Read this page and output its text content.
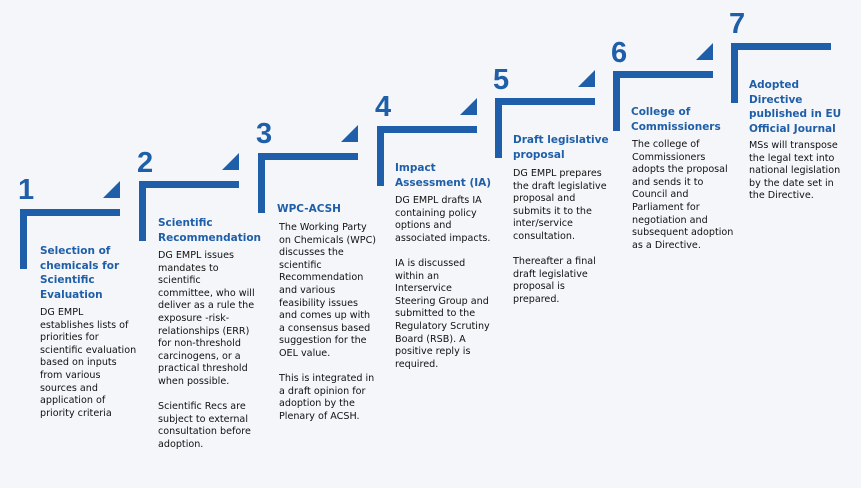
1
Selection of chemicals for Scientific Evaluation
DG EMPL establishes lists of priorities for scientific evaluation based on inputs from various sources and application of priority criteria
2
Scientific Recommendation
DG EMPL issues mandates to scientific committee, who will deliver as a rule the exposure -risk- relationships (ERR) for non-threshold carcinogens, or a practical threshold when possible.

Scientific Recs are subject to external consultation before adoption.
3
WPC-ACSH
The Working Party on Chemicals (WPC) discusses the scientific Recommendation and various feasibility issues and comes up with a consensus based suggestion for the OEL value.

This is integrated in a draft opinion for adoption by the Plenary of ACSH.
4
Impact Assessment (IA)
DG EMPL drafts IA containing policy options and associated impacts.

IA is discussed within an Interservice Steering Group and submitted to the Regulatory Scrutiny Board (RSB). A positive reply is required.
5
Draft legislative proposal
DG EMPL prepares the draft legislative proposal and submits it to the inter/service consultation.

Thereafter a final draft legislative proposal is prepared.
6
College of Commissioners
The college of Commissioners adopts the proposal and sends it to Council and Parliament for negotiation and subsequent adoption as a Directive.
7
Adopted Directive published in EU Official Journal
MSs will transpose the legal text into national legislation by the date set in the Directive.
